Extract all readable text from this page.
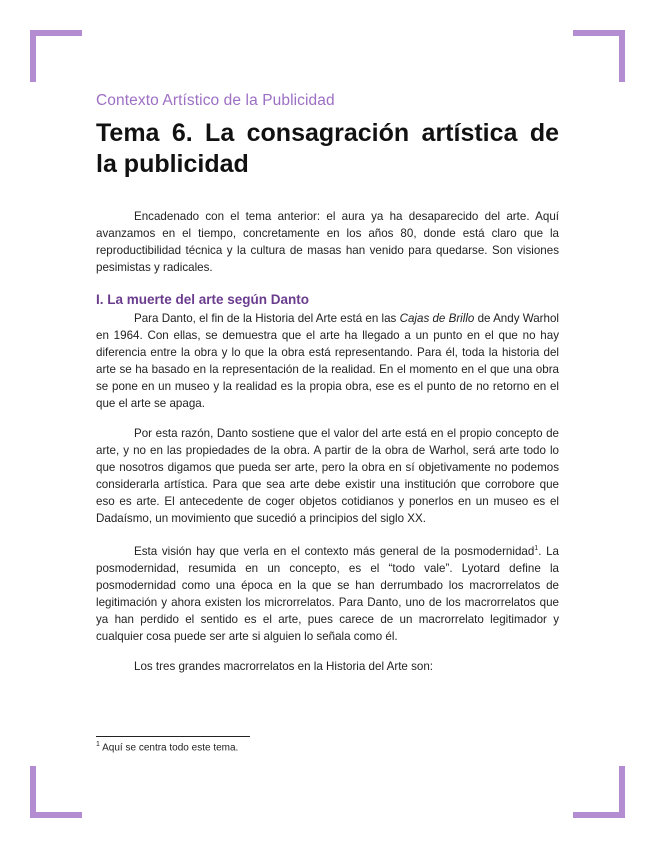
Contexto Artístico de la Publicidad
Tema 6. La consagración artística de la publicidad

Encadenado con el tema anterior: el aura ya ha desaparecido del arte. Aquí avanzamos en el tiempo, concretamente en los años 80, donde está claro que la reproductibilidad técnica y la cultura de masas han venido para quedarse. Son visiones pesimistas y radicales.

I. La muerte del arte según Danto

Para Danto, el fin de la Historia del Arte está en las Cajas de Brillo de Andy Warhol en 1964. Con ellas, se demuestra que el arte ha llegado a un punto en el que no hay diferencia entre la obra y lo que la obra está representando. Para él, toda la historia del arte se ha basado en la representación de la realidad. En el momento en el que una obra se pone en un museo y la realidad es la propia obra, ese es el punto de no retorno en el que el arte se apaga.

Por esta razón, Danto sostiene que el valor del arte está en el propio concepto de arte, y no en las propiedades de la obra. A partir de la obra de Warhol, será arte todo lo que nosotros digamos que pueda ser arte, pero la obra en sí objetivamente no podemos considerarla artística. Para que sea arte debe existir una institución que corrobore que eso es arte. El antecedente de coger objetos cotidianos y ponerlos en un museo es el Dadaísmo, un movimiento que sucedió a principios del siglo XX.

Esta visión hay que verla en el contexto más general de la posmodernidad$^1$. La posmodernidad, resumida en un concepto, es el “todo vale”. Lyotard define la posmodernidad como una época en la que se han derrumbado los macrorrelatos de legitimación y ahora existen los microrrelatos. Para Danto, uno de los macrorrelatos que ya han perdido el sentido es el arte, pues carece de un macrorrelato legitimador y cualquier cosa puede ser arte si alguien lo señala como él.

Los tres grandes macrorrelatos en la Historia del Arte son:

$^1$ Aquí se centra todo este tema.
